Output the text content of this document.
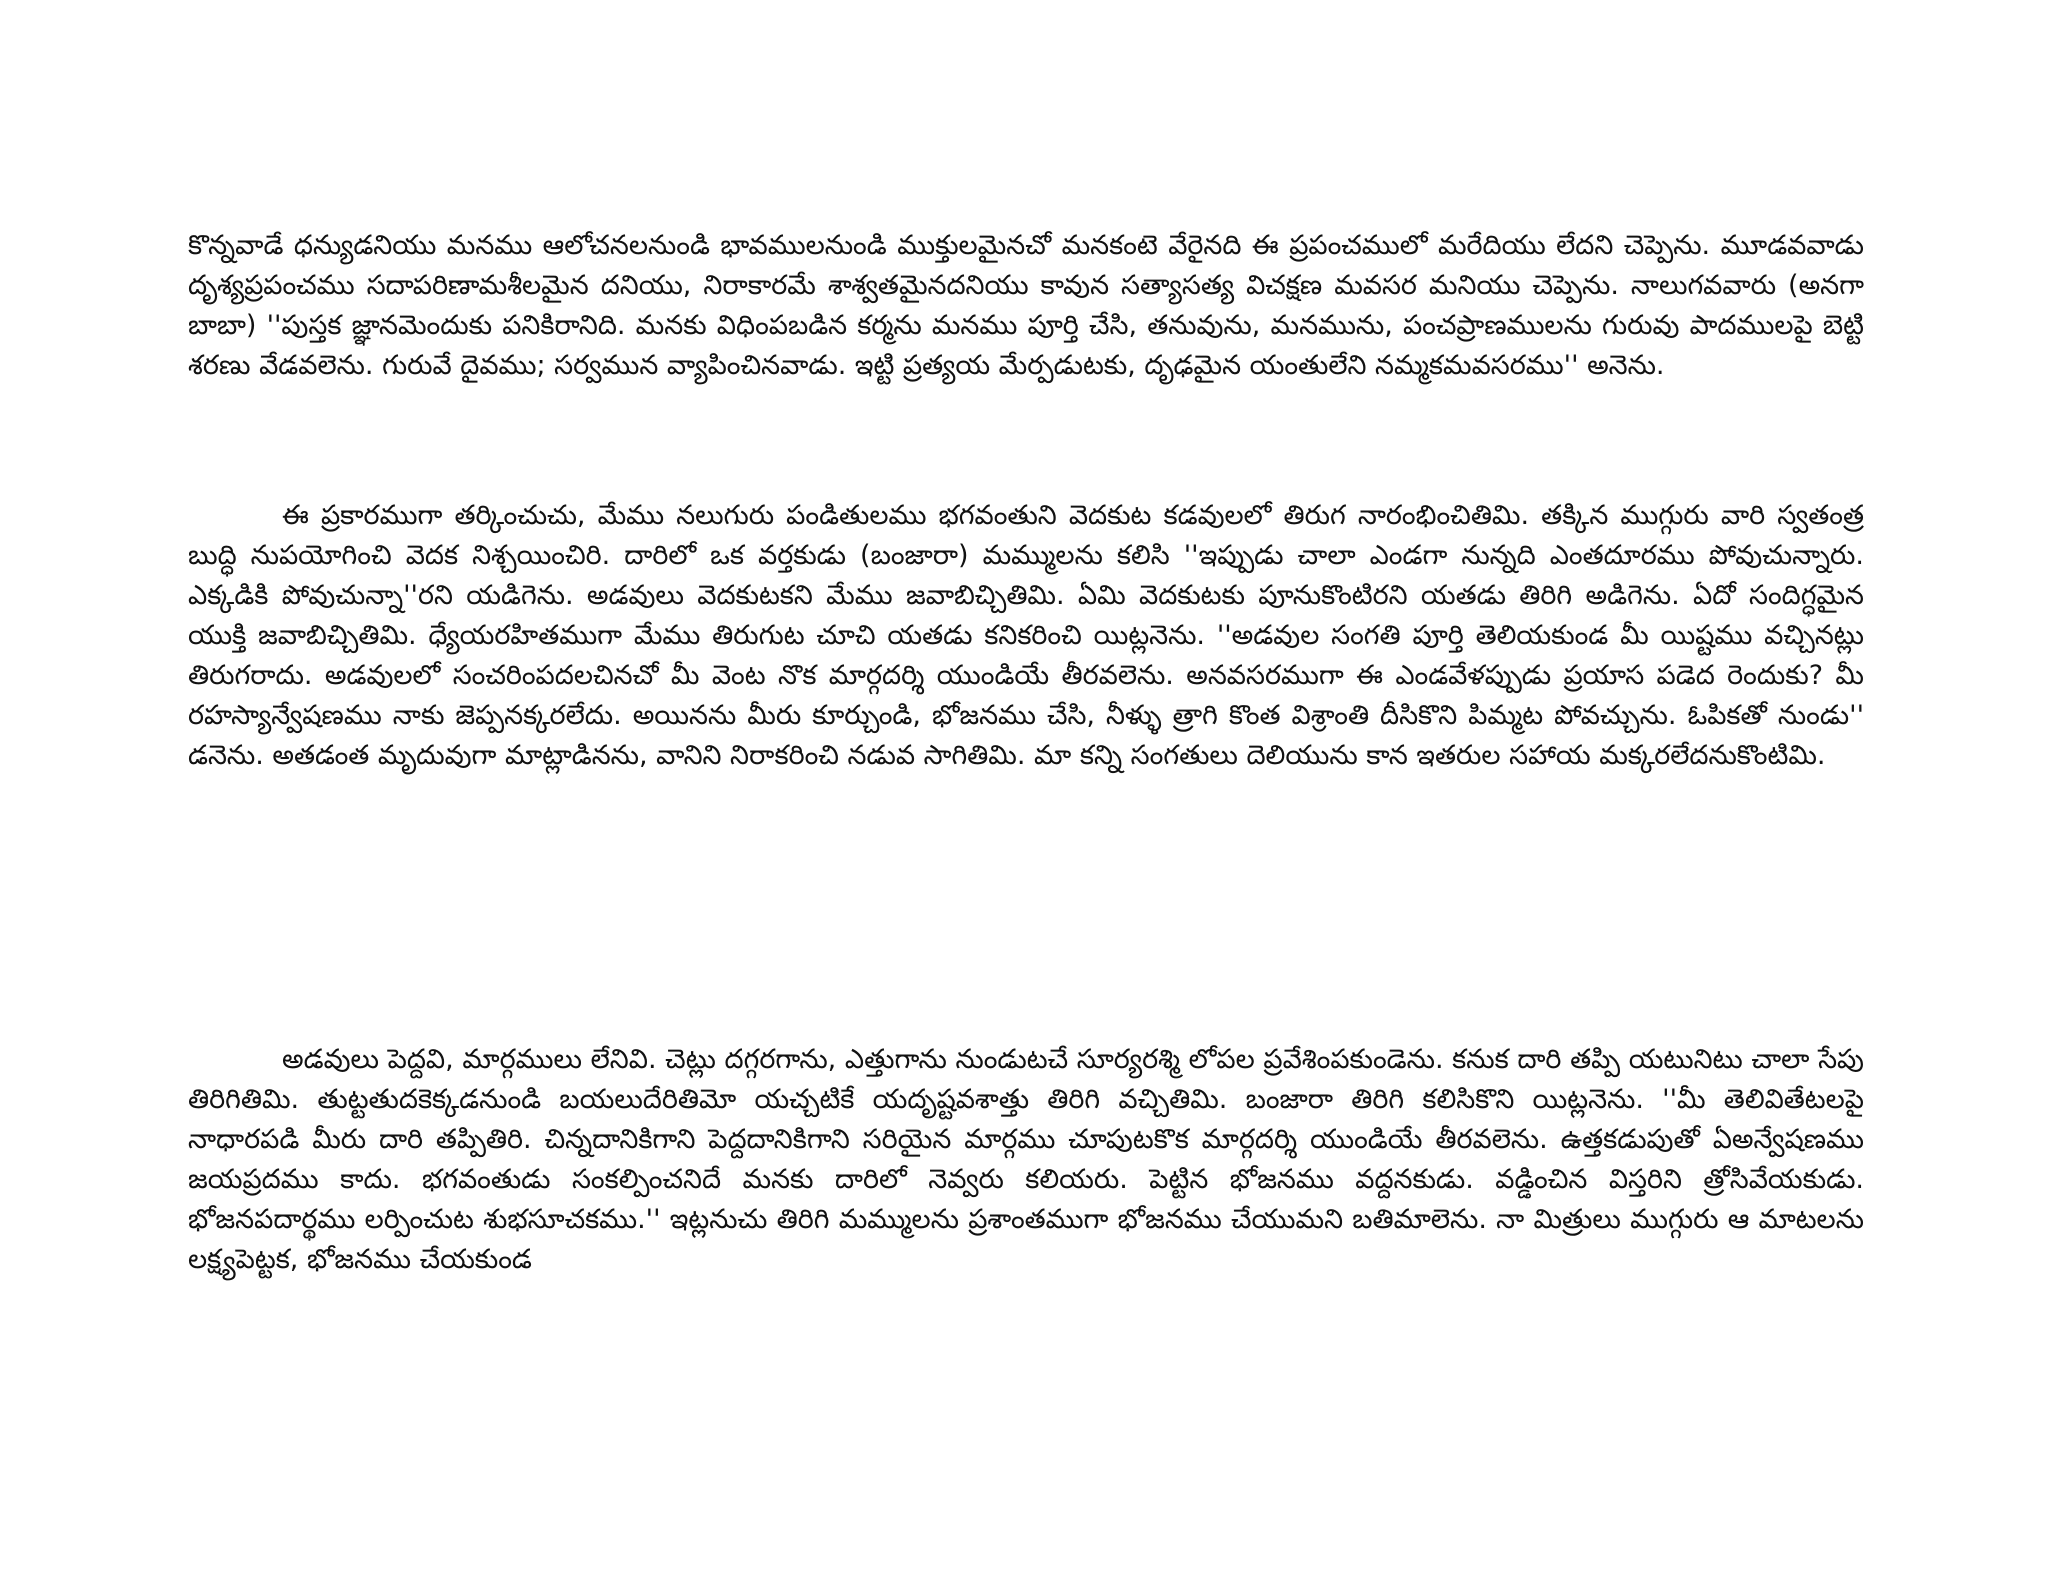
కొన్నవాడే ధన్యుడనియు మనము ఆలోచనలనుండి భావములనుండి ముక్తులమైనచో మనకంటె వేరైనది ఈ ప్రపంచములో మరేదియు లేదని చెప్పెను. మూడవవాడు దృశ్యప్రపంచము సదాపరిణామశీలమైన దనియు, నిరాకారమే శాశ్వతమైనదనియు కావున సత్యాసత్య విచక్షణ మవసర మనియు చెప్పెను. నాలుగవవారు (అనగా బాబా) ''పుస్తక జ్ఞానమెందుకు పనికిరానిది. మనకు విధింపబడిన కర్మను మనము పూర్తి చేసి, తనువును, మనమును, పంచప్రాణములను గురువు పాదములపై బెట్టి శరణు వేడవలెను. గురువే దైవము; సర్వమున వ్యాపించినవాడు. ఇట్టి ప్రత్యయ మేర్పడుటకు, దృఢమైన యంతులేని నమ్మకమవసరము'' అనెను.

ఈ ప్రకారముగా తర్కించుచు, మేము నలుగురు పండితులము భగవంతుని వెదకుట కడవులలో తిరుగ నారంభించితిమి. తక్కిన ముగ్గురు వారి స్వతంత్ర బుద్ధి నుపయోగించి వెదక నిశ్చయించిరి. దారిలో ఒక వర్తకుడు (బంజారా) మమ్ములను కలిసి ''ఇప్పుడు చాలా ఎండగా నున్నది ఎంతదూరము పోవుచున్నారు. ఎక్కడికి పోవుచున్నా''రని యడిగెను. అడవులు వెదకుటకని మేము జవాబిచ్చితిమి. ఏమి వెదకుటకు పూనుకొంటిరని యతడు తిరిగి అడిగెను. ఏదో సందిగ్ధమైన యుక్తి జవాబిచ్చితిమి. ధ్యేయరహితముగా మేము తిరుగుట చూచి యతడు కనికరించి యిట్లనెను. ''అడవుల సంగతి పూర్తి తెలియకుండ మీ యిష్టము వచ్చినట్లు తిరుగరాదు. అడవులలో సంచరింపదలచినచో మీ వెంట నొక మార్గదర్శి యుండియే తీరవలెను. అనవసరముగా ఈ ఎండవేళప్పుడు ప్రయాస పడెద రెందుకు? మీ రహస్యాన్వేషణము నాకు జెప్పనక్కరలేదు. అయినను మీరు కూర్చుండి, భోజనము చేసి, నీళ్ళు త్రాగి కొంత విశ్రాంతి దీసికొని పిమ్మట పోవచ్చును. ఓపికతో నుండు'' డనెను. అతడంత మృదువుగా మాట్లాడినను, వానిని నిరాకరించి నడువ సాగితిమి. మా కన్ని సంగతులు దెలియును కాన ఇతరుల సహాయ మక్కరలేదనుకొంటిమి.

అడవులు పెద్దవి, మార్గములు లేనివి. చెట్లు దగ్గరగాను, ఎత్తుగాను నుండుటచే సూర్యరశ్మి లోపల ప్రవేశింపకుండెను. కనుక దారి తప్పి యటునిటు చాలా సేపు తిరిగితిమి. తుట్టతుదకెక్కడనుండి బయలుదేరితిమో యచ్చటికే యదృష్టవశాత్తు తిరిగి వచ్చితిమి. బంజారా తిరిగి కలిసికొని యిట్లనెను. ''మీ తెలివితేటలపై నాధారపడి మీరు దారి తప్పితిరి. చిన్నదానికిగాని పెద్దదానికిగాని సరియైన మార్గము చూపుటకొక మార్గదర్శి యుండియే తీరవలెను. ఉత్తకడుపుతో ఏఅన్వేషణము జయప్రదము కాదు. భగవంతుడు సంకల్పించనిదే మనకు దారిలో నెవ్వరు కలియరు. పెట్టిన భోజనము వద్దనకుడు. వడ్డించిన విస్తరిని త్రోసివేయకుడు. భోజనపదార్థము లర్పించుట శుభసూచకము.'' ఇట్లనుచు తిరిగి మమ్ములను ప్రశాంతముగా భోజనము చేయుమని బతిమాలెను. నా మిత్రులు ముగ్గురు ఆ మాటలను లక్ష్యపెట్టక, భోజనము చేయకుండ
